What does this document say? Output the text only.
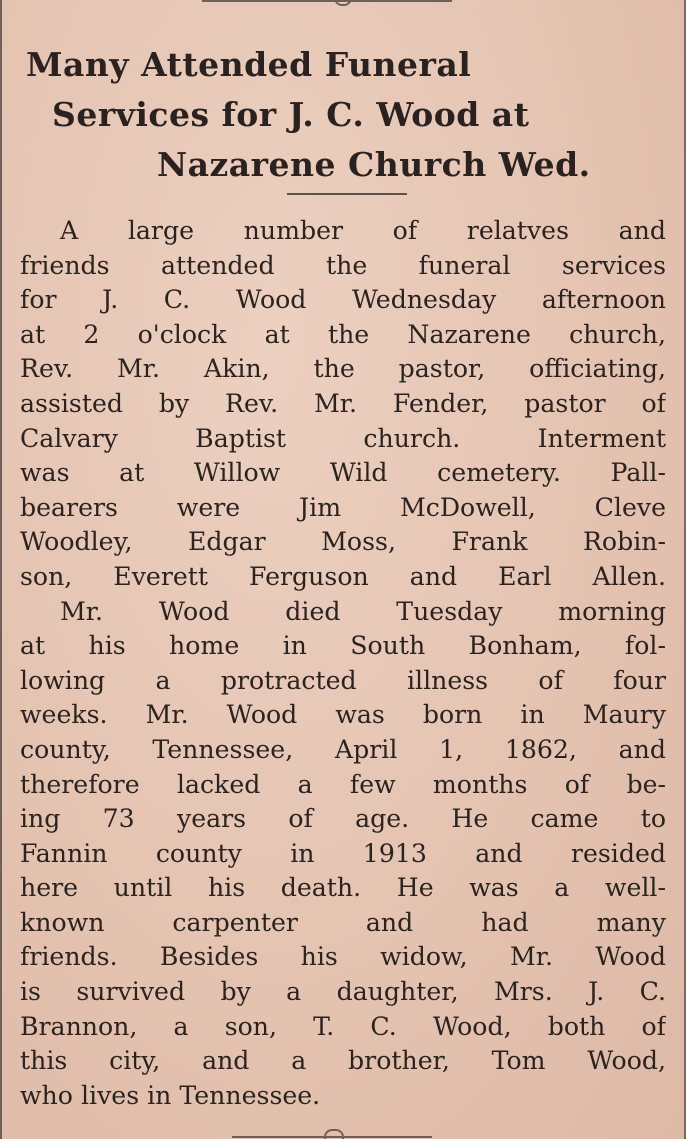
Many Attended Funeral
Services for J. C. Wood at
Nazarene Church Wed.
A large number of relatves and
friends attended the funeral services
for J. C. Wood Wednesday afternoon
at 2 o'clock at the Nazarene church,
Rev. Mr. Akin, the pastor, officiating,
assisted by Rev. Mr. Fender, pastor of
Calvary Baptist church. Interment
was at Willow Wild cemetery. Pall-
bearers were Jim McDowell, Cleve
Woodley, Edgar Moss, Frank Robin-
son, Everett Ferguson and Earl Allen.
Mr. Wood died Tuesday morning
at his home in South Bonham, fol-
lowing a protracted illness of four
weeks. Mr. Wood was born in Maury
county, Tennessee, April 1, 1862, and
therefore lacked a few months of be-
ing 73 years of age. He came to
Fannin county in 1913 and resided
here until his death. He was a well-
known carpenter and had many
friends. Besides his widow, Mr. Wood
is survived by a daughter, Mrs. J. C.
Brannon, a son, T. C. Wood, both of
this city, and a brother, Tom Wood,
who lives in Tennessee.
